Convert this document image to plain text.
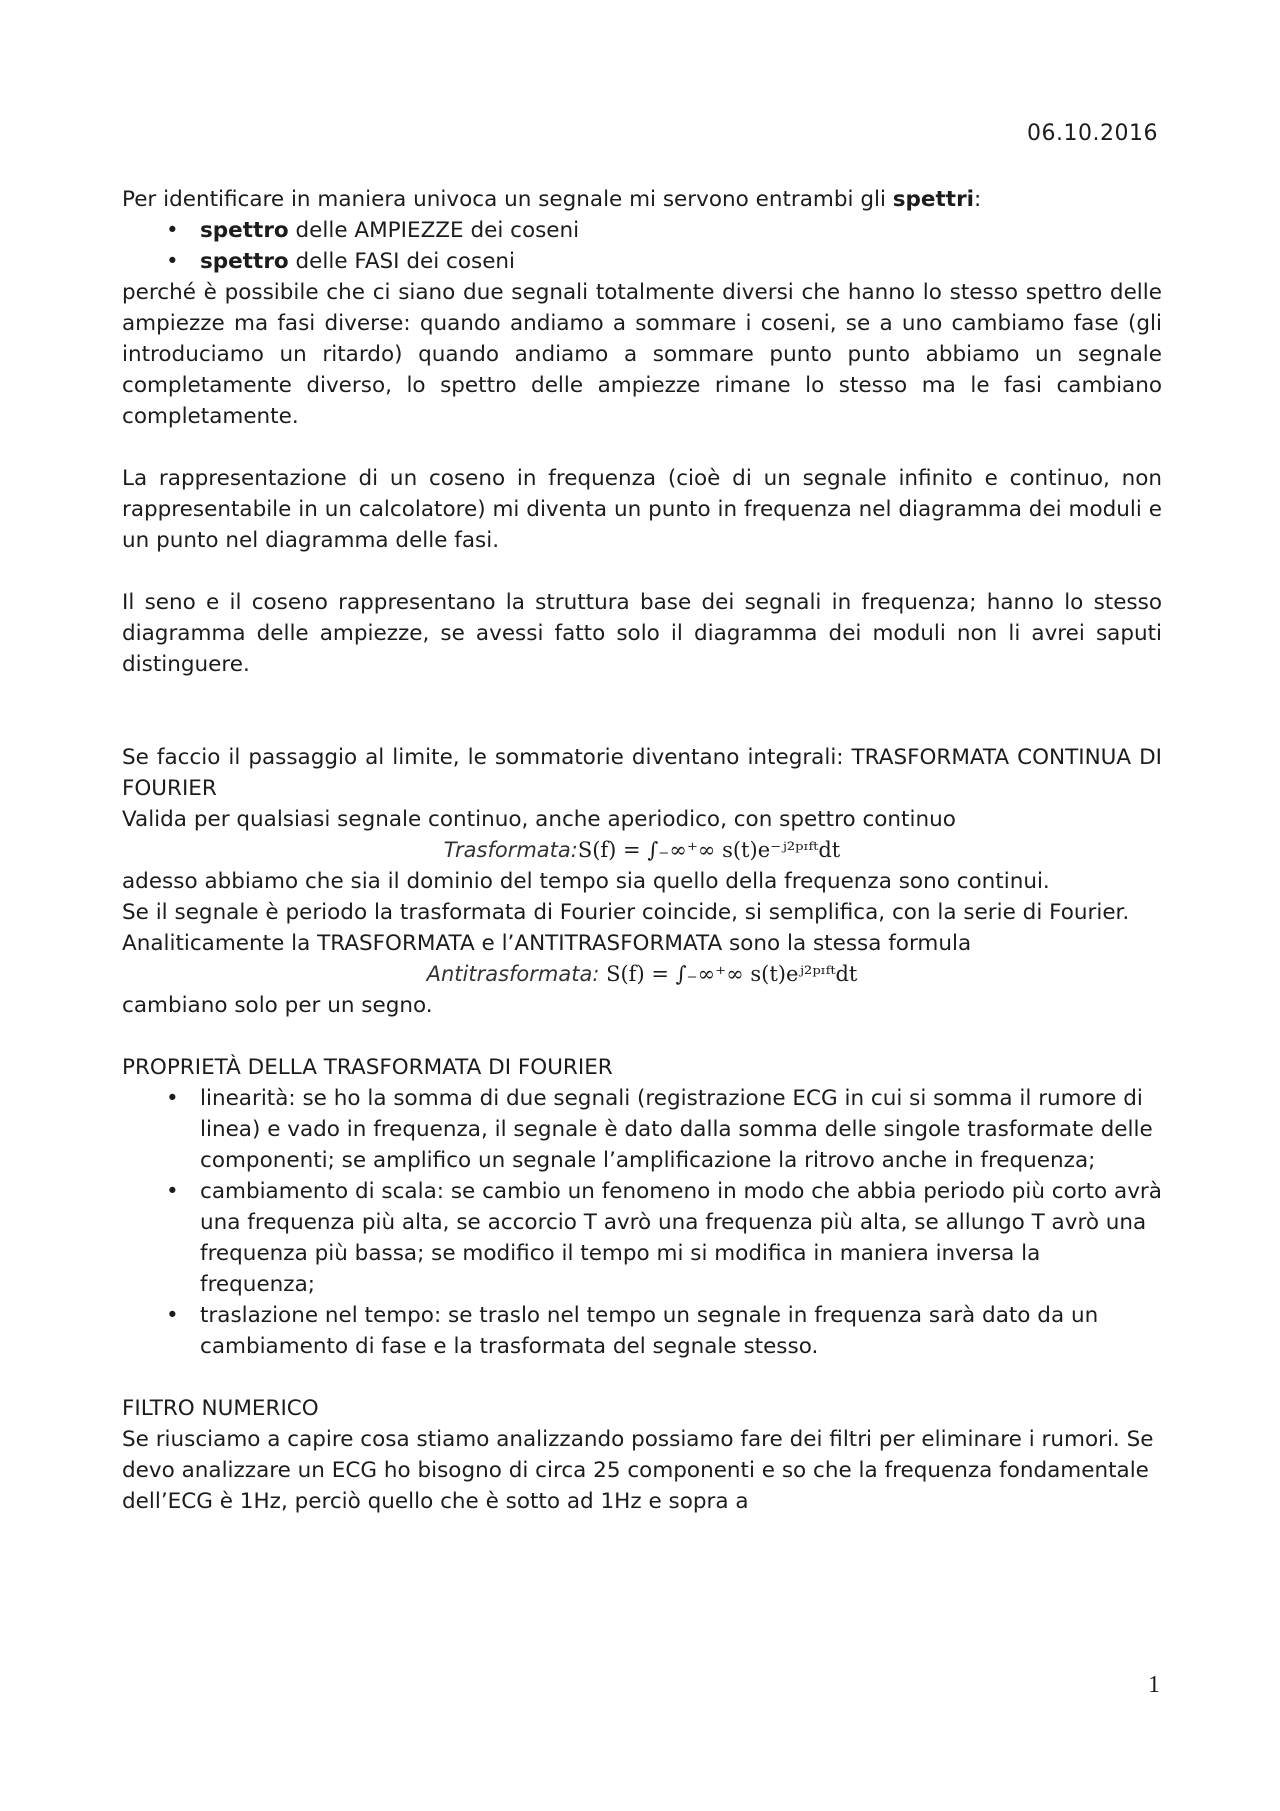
06.10.2016

Per identificare in maniera univoca un segnale mi servono entrambi gli spettri:

• spettro delle AMPIEZZE dei coseni
• spettro delle FASI dei coseni

perché è possibile che ci siano due segnali totalmente diversi che hanno lo stesso spettro delle ampiezze ma fasi diverse: quando andiamo a sommare i coseni, se a uno cambiamo fase (gli introduciamo un ritardo) quando andiamo a sommare punto punto abbiamo un segnale completamente diverso, lo spettro delle ampiezze rimane lo stesso ma le fasi cambiano completamente.

La rappresentazione di un coseno in frequenza (cioè di un segnale infinito e continuo, non rappresentabile in un calcolatore) mi diventa un punto in frequenza nel diagramma dei moduli e un punto nel diagramma delle fasi.

Il seno e il coseno rappresentano la struttura base dei segnali in frequenza; hanno lo stesso diagramma delle ampiezze, se avessi fatto solo il diagramma dei moduli non li avrei saputi distinguere.

Se faccio il passaggio al limite, le sommatorie diventano integrali: TRASFORMATA CONTINUA DI FOURIER

Valida per qualsiasi segnale continuo, anche aperiodico, con spettro continuo

Trasformata:S(f) = ∫₋∞⁺∞ s(t)e⁻ʲ²ᵖᶦᶠᵗdt

adesso abbiamo che sia il dominio del tempo sia quello della frequenza sono continui.

Se il segnale è periodo la trasformata di Fourier coincide, si semplifica, con la serie di Fourier.

Analiticamente la TRASFORMATA e l’ANTITRASFORMATA sono la stessa formula

Antitrasformata: S(f) = ∫₋∞⁺∞ s(t)eʲ²ᵖᶦᶠᵗdt

cambiano solo per un segno.

PROPRIETÀ DELLA TRASFORMATA DI FOURIER

• linearità: se ho la somma di due segnali (registrazione ECG in cui si somma il rumore di linea) e vado in frequenza, il segnale è dato dalla somma delle singole trasformate delle componenti; se amplifico un segnale l’amplificazione la ritrovo anche in frequenza;
• cambiamento di scala: se cambio un fenomeno in modo che abbia periodo più corto avrà una frequenza più alta, se accorcio T avrò una frequenza più alta, se allungo T avrò una frequenza più bassa; se modifico il tempo mi si modifica in maniera inversa la frequenza;
• traslazione nel tempo: se traslo nel tempo un segnale in frequenza sarà dato da un cambiamento di fase e la trasformata del segnale stesso.

FILTRO NUMERICO

Se riusciamo a capire cosa stiamo analizzando possiamo fare dei filtri per eliminare i rumori. Se devo analizzare un ECG ho bisogno di circa 25 componenti e so che la frequenza fondamentale dell’ECG è 1Hz, perciò quello che è sotto ad 1Hz e sopra a

1
